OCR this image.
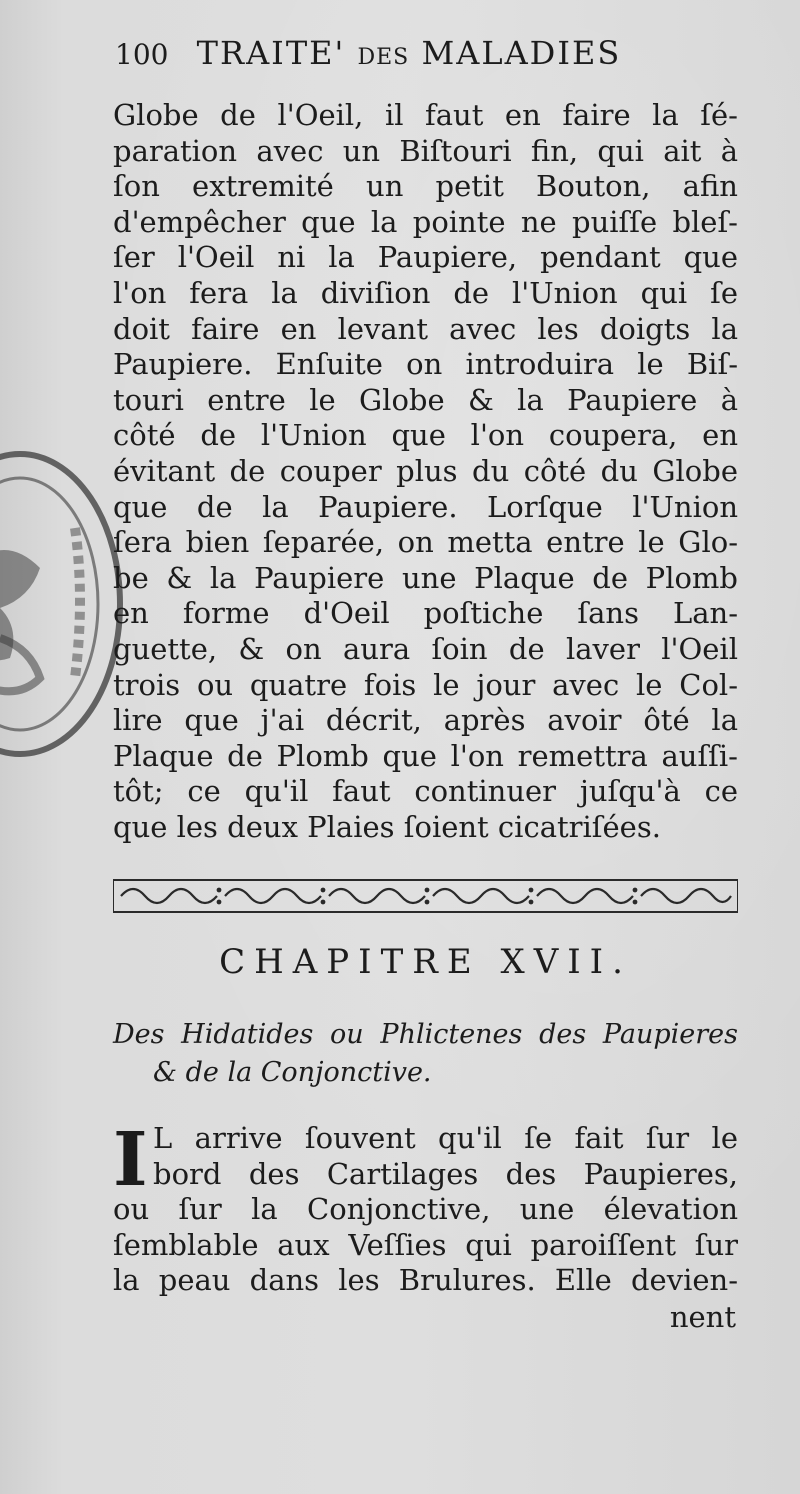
100 TRAITE' DES MALADIES
Globe de l'Oeil, il faut en faire la ſé-
paration avec un Biſtouri fin, qui ait à
ſon extremité un petit Bouton, afin
d'empêcher que la pointe ne puiſſe bleſ-
ſer l'Oeil ni la Paupiere, pendant que
l'on fera la diviſion de l'Union qui ſe
doit faire en levant avec les doigts la
Paupiere. Enſuite on introduira le Biſ-
touri entre le Globe & la Paupiere à
côté de l'Union que l'on coupera, en
évitant de couper plus du côté du Globe
que de la Paupiere. Lorſque l'Union
ſera bien ſeparée, on metta entre le Glo-
be & la Paupiere une Plaque de Plomb
en forme d'Oeil poſtiche ſans Lan-
guette, & on aura ſoin de laver l'Oeil
trois ou quatre fois le jour avec le Col-
lire que j'ai décrit, après avoir ôté la
Plaque de Plomb que l'on remettra auſſi-
tôt; ce qu'il faut continuer juſqu'à ce
que les deux Plaies ſoient cicatriſées.
CHAPITRE XVII.
Des Hidatides ou Phlictenes des Paupieres
& de la Conjonctive.
I L arrive ſouvent qu'il ſe fait ſur le
bord des Cartilages des Paupieres,
ou ſur la Conjonctive, une élevation
ſemblable aux Veſſies qui paroiſſent ſur
la peau dans les Brulures. Elle devien-
nent
